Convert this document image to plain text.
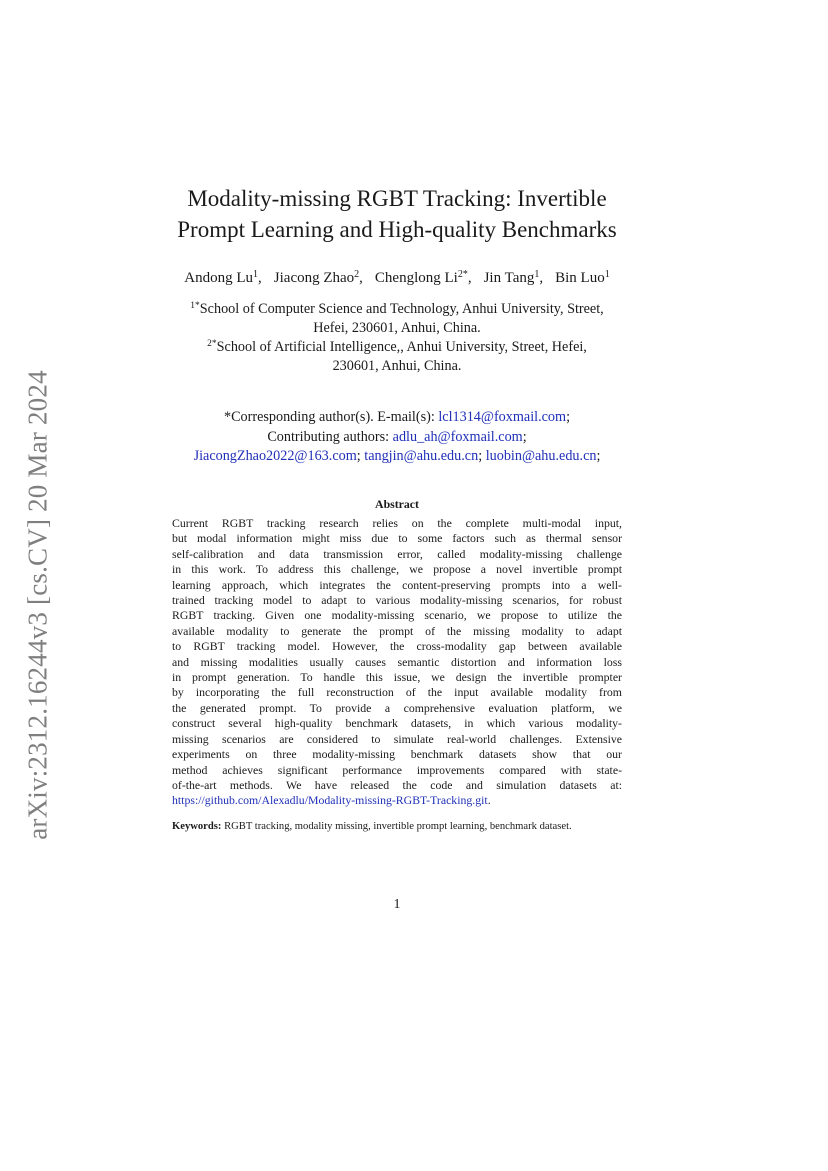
arXiv:2312.16244v3 [cs.CV] 20 Mar 2024
Modality-missing RGBT Tracking: Invertible
Prompt Learning and High-quality Benchmarks
Andong Lu$^1$, Jiacong Zhao$^2$, Chenglong $Li^{2*}$, Jin Tang$^1$, Bin Luo$^1$
$^{1*}$School of Computer Science and Technology, Anhui University, Street,
Hefei, 230601, Anhui, China.
$^{2*}$School of Artificial Intelligence,, Anhui University, Street, Hefei,
230601, Anhui, China.
*Corresponding author(s). E-mail(s): lcl1314@foxmail.com;
Contributing authors: adlu_ah@foxmail.com;
JiacongZhao2022@163.com; tangjin@ahu.edu.cn; luobin@ahu.edu.cn;
Abstract
Current RGBT tracking research relies on the complete multi-modal input,
but modal information might miss due to some factors such as thermal sensor
self-calibration and data transmission error, called modality-missing challenge
in this work. To address this challenge, we propose a novel invertible prompt
learning approach, which integrates the content-preserving prompts into a well-
trained tracking model to adapt to various modality-missing scenarios, for robust
RGBT tracking. Given one modality-missing scenario, we propose to utilize the
available modality to generate the prompt of the missing modality to adapt
to RGBT tracking model. However, the cross-modality gap between available
and missing modalities usually causes semantic distortion and information loss
in prompt generation. To handle this issue, we design the invertible prompter
by incorporating the full reconstruction of the input available modality from
the generated prompt. To provide a comprehensive evaluation platform, we
construct several high-quality benchmark datasets, in which various modality-
missing scenarios are considered to simulate real-world challenges. Extensive
experiments on three modality-missing benchmark datasets show that our
method achieves significant performance improvements compared with state-
of-the-art methods. We have released the code and simulation datasets at:
https://github.com/Alexadlu/Modality-missing-RGBT-Tracking.git.
Keywords: RGBT tracking, modality missing, invertible prompt learning, benchmark dataset.
1
